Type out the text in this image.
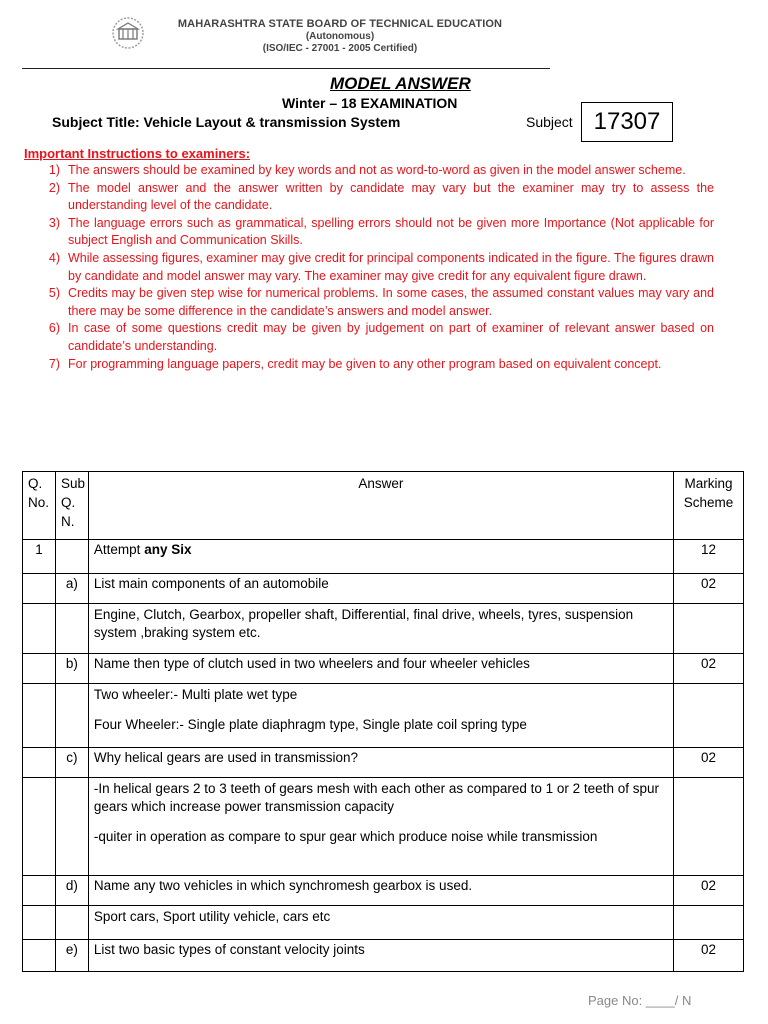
MAHARASHTRA STATE BOARD OF TECHNICAL EDUCATION
(Autonomous)
(ISO/IEC - 27001 - 2005 Certified)
MODEL ANSWER
Winter – 18 EXAMINATION
Subject Title: Vehicle Layout & transmission System	Subject 17307
Important Instructions to examiners:
1) The answers should be examined by key words and not as word-to-word as given in the model answer scheme.
2) The model answer and the answer written by candidate may vary but the examiner may try to assess the understanding level of the candidate.
3) The language errors such as grammatical, spelling errors should not be given more Importance (Not applicable for subject English and Communication Skills.
4) While assessing figures, examiner may give credit for principal components indicated in the figure. The figures drawn by candidate and model answer may vary. The examiner may give credit for any equivalent figure drawn.
5) Credits may be given step wise for numerical problems. In some cases, the assumed constant values may vary and there may be some difference in the candidate’s answers and model answer.
6) In case of some questions credit may be given by judgement on part of examiner of relevant answer based on candidate’s understanding.
7) For programming language papers, credit may be given to any other program based on equivalent concept.
Q. No.	Sub Q. N.	Answer	Marking Scheme
1		Attempt any Six	12
	a)	List main components of an automobile	02

		Engine, Clutch, Gearbox, propeller shaft, Differential, final drive, wheels, tyres, suspension system ,braking system etc.	

	b)	Name then type of clutch used in two wheelers and four wheeler vehicles	02

		Two wheeler:- Multi plate wet type

Four Wheeler:- Single plate diaphragm type, Single plate coil spring type	

	c)	Why helical gears are used in transmission?	02

		-In helical gears 2 to 3 teeth of gears mesh with each other as compared to 1 or 2 teeth of spur gears which increase power transmission capacity

-quiter in operation as compare to spur gear which produce noise while transmission	

	d)	Name any two vehicles in which synchromesh gearbox is used.	02

		Sport cars, Sport utility vehicle, cars etc	

	e)	List two basic types of constant velocity joints	02
Page No: ____/ N
